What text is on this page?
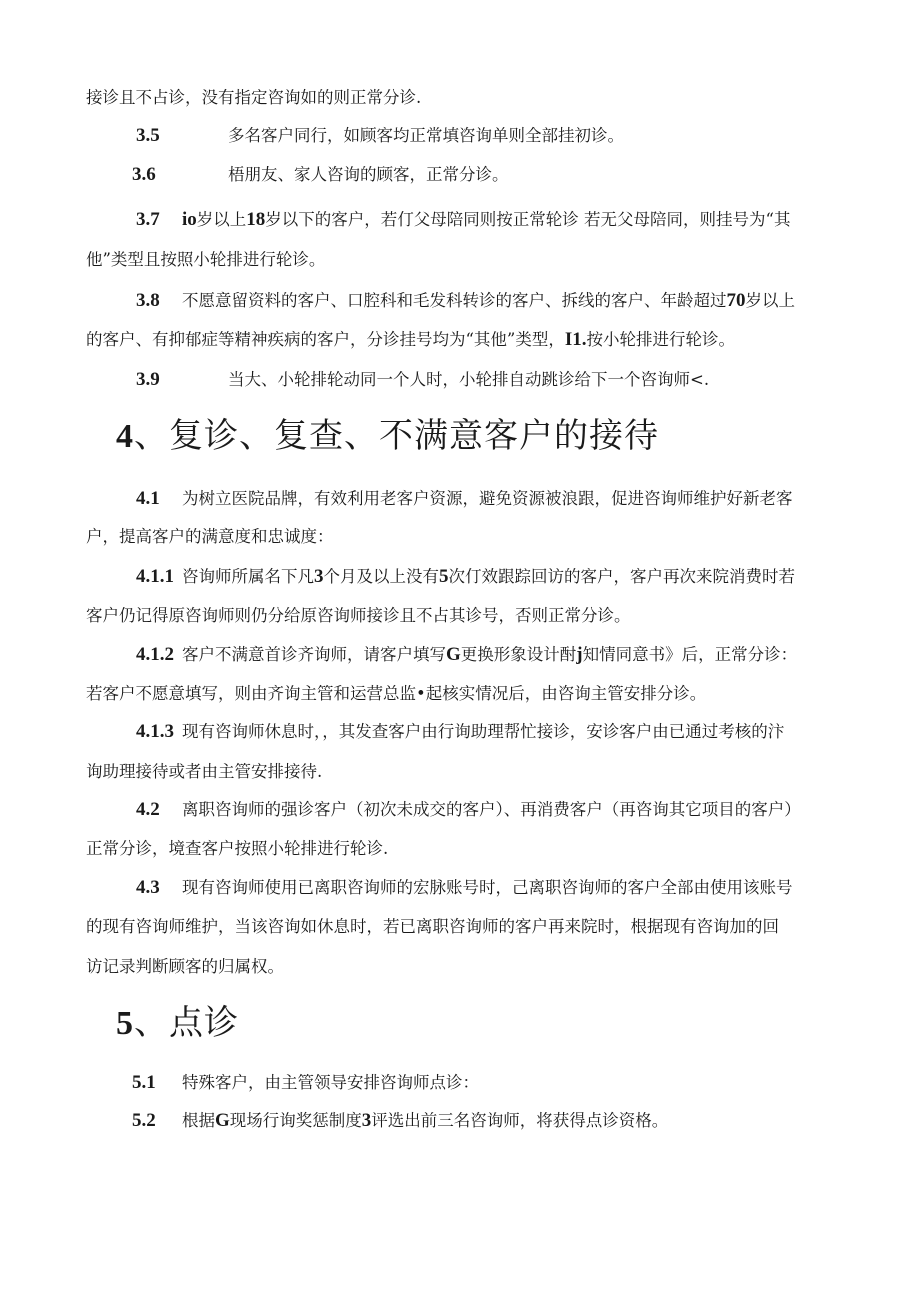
接诊且不占诊，没有指定咨询如的则正常分诊.
3.5	多名客户同行，如顾客均正常填咨询单则全部挂初诊。
3.6	梧朋友、家人咨询的顾客，正常分诊。
3.7 io岁以上18岁以下的客户，若仃父母陪同则按正常轮诊 若无父母陪同，则挂号为“其
他”类型且按照小轮排进行轮诊。
3.8 不愿意留资料的客户、口腔科和毛发科转诊的客户、拆线的客户、年龄超过70岁以上
的客户、有抑郁症等精神疾病的客户，分诊挂号均为“其他”类型，I1.按小轮排进行轮诊。
3.9	当大、小轮排轮动同一个人时，小轮排自动跳诊给下一个咨询师<.
4、复诊、复查、不满意客户的接待
4.1 为树立医院品牌，有效利用老客户资源，避免资源被浪跟，促进咨询师维护好新老客
户，提高客户的满意度和忠诚度：
4.1.1 咨询师所属名下凡3个月及以上没有5次仃效跟踪回访的客户，客户再次来院消费时若
客户仍记得原咨询师则仍分给原咨询师接诊且不占其诊号，否则正常分诊。
4.1.2 客户不满意首诊齐询师，请客户填写G更换形象设计酎j知情同意书》后，正常分诊：
若客户不愿意填写，则由齐询主管和运营总监•起核实情况后，由咨询主管安排分诊。
4.1.3 现有咨询师休息时，，其发查客户由行询助理帮忙接诊，安诊客户由已通过考核的汴
询助理接待或者由主管安排接待.
4.2 离职咨询师的强诊客户（初次未成交的客户）、再消费客户（再咨询其它项目的客户）
正常分诊，境查客户按照小轮排进行轮诊.
4.3 现有咨询师使用已离职咨询师的宏脉账号时，己离职咨询师的客户全部由使用该账号
的现有咨询师维护，当该咨询如休息时，若已离职咨询师的客户再来院时，根据现有咨询加的回
访记录判断顾客的归属权。
5、点诊
5.1 特殊客户，由主管领导安排咨询师点诊：
5.2 根据G现场行询奖惩制度3评选出前三名咨询师，将获得点诊资格。
